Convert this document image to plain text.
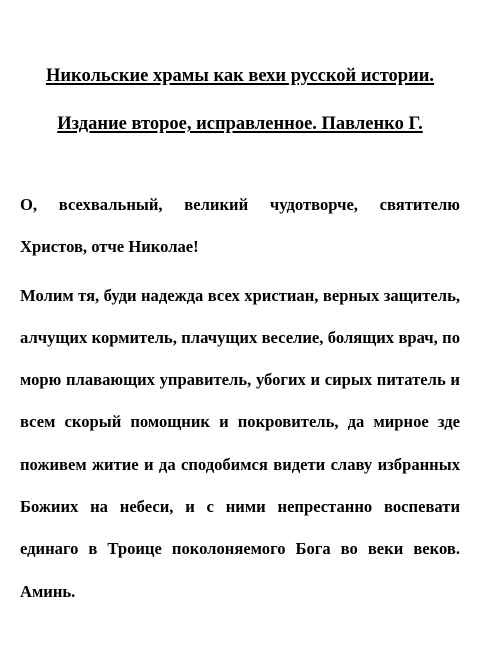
Никольские храмы как вехи русской истории.
Издание второе, исправленное. Павленко Г.

О, всехвальный, великий чудотворче, святителю Христов, отче Николае!

Молим тя, буди надежда всех христиан, верных защитель, алчущих кормитель, плачущих веселие, болящих врач, по морю плавающих управитель, убогих и сирых питатель и всем скорый помощник и покровитель, да мирное зде поживем житие и да сподобимся видети славу избранных Божиих на небеси, и с ними непрестанно воспевати единаго в Троице поколоняемого Бога во веки веков. Аминь.
